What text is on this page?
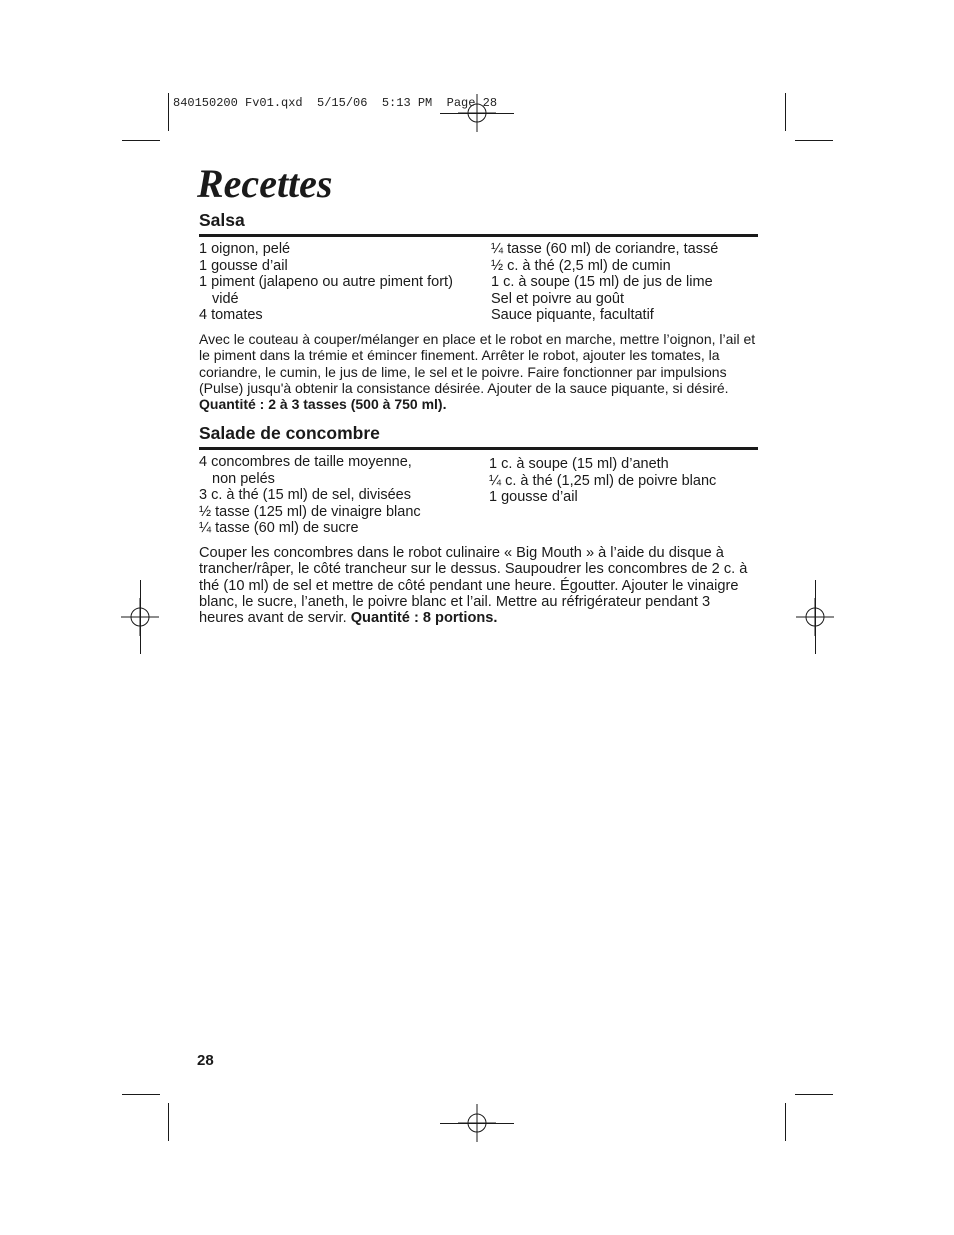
840150200 Fv01.qxd  5/15/06  5:13 PM  Page 28
Recettes
Salsa
1 oignon, pelé
1 gousse d’ail
1 piment (jalapeno ou autre piment fort)
vidé
4 tomates
¼ tasse (60 ml) de coriandre, tassé
½ c. à thé (2,5 ml) de cumin
1 c. à soupe (15 ml) de jus de lime
Sel et poivre au goût
Sauce piquante, facultatif

Avec le couteau à couper/mélanger en place et le robot en marche, mettre l’oignon, l’ail et le piment dans la trémie et émincer finement. Arrêter le robot, ajouter les tomates, la coriandre, le cumin, le jus de lime, le sel et le poivre. Faire fonctionner par impulsions (Pulse) jusqu'à obtenir la consistance désirée. Ajouter de la sauce piquante, si désiré. Quantité : 2 à 3 tasses (500 à 750 ml).

Salade de concombre
4 concombres de taille moyenne,
non pelés
3 c. à thé (15 ml) de sel, divisées
½ tasse (125 ml) de vinaigre blanc
¼ tasse (60 ml) de sucre
1 c. à soupe (15 ml) d’aneth
¼ c. à thé (1,25 ml) de poivre blanc
1 gousse d’ail

Couper les concombres dans le robot culinaire « Big Mouth » à l’aide du disque à trancher/râper, le côté trancheur sur le dessus. Saupoudrer les concombres de 2 c. à thé (10 ml) de sel et mettre de côté pendant une heure. Égoutter. Ajouter le vinaigre blanc, le sucre, l’aneth, le poivre blanc et l’ail. Mettre au réfrigérateur pendant 3 heures avant de servir. Quantité : 8 portions.

28
